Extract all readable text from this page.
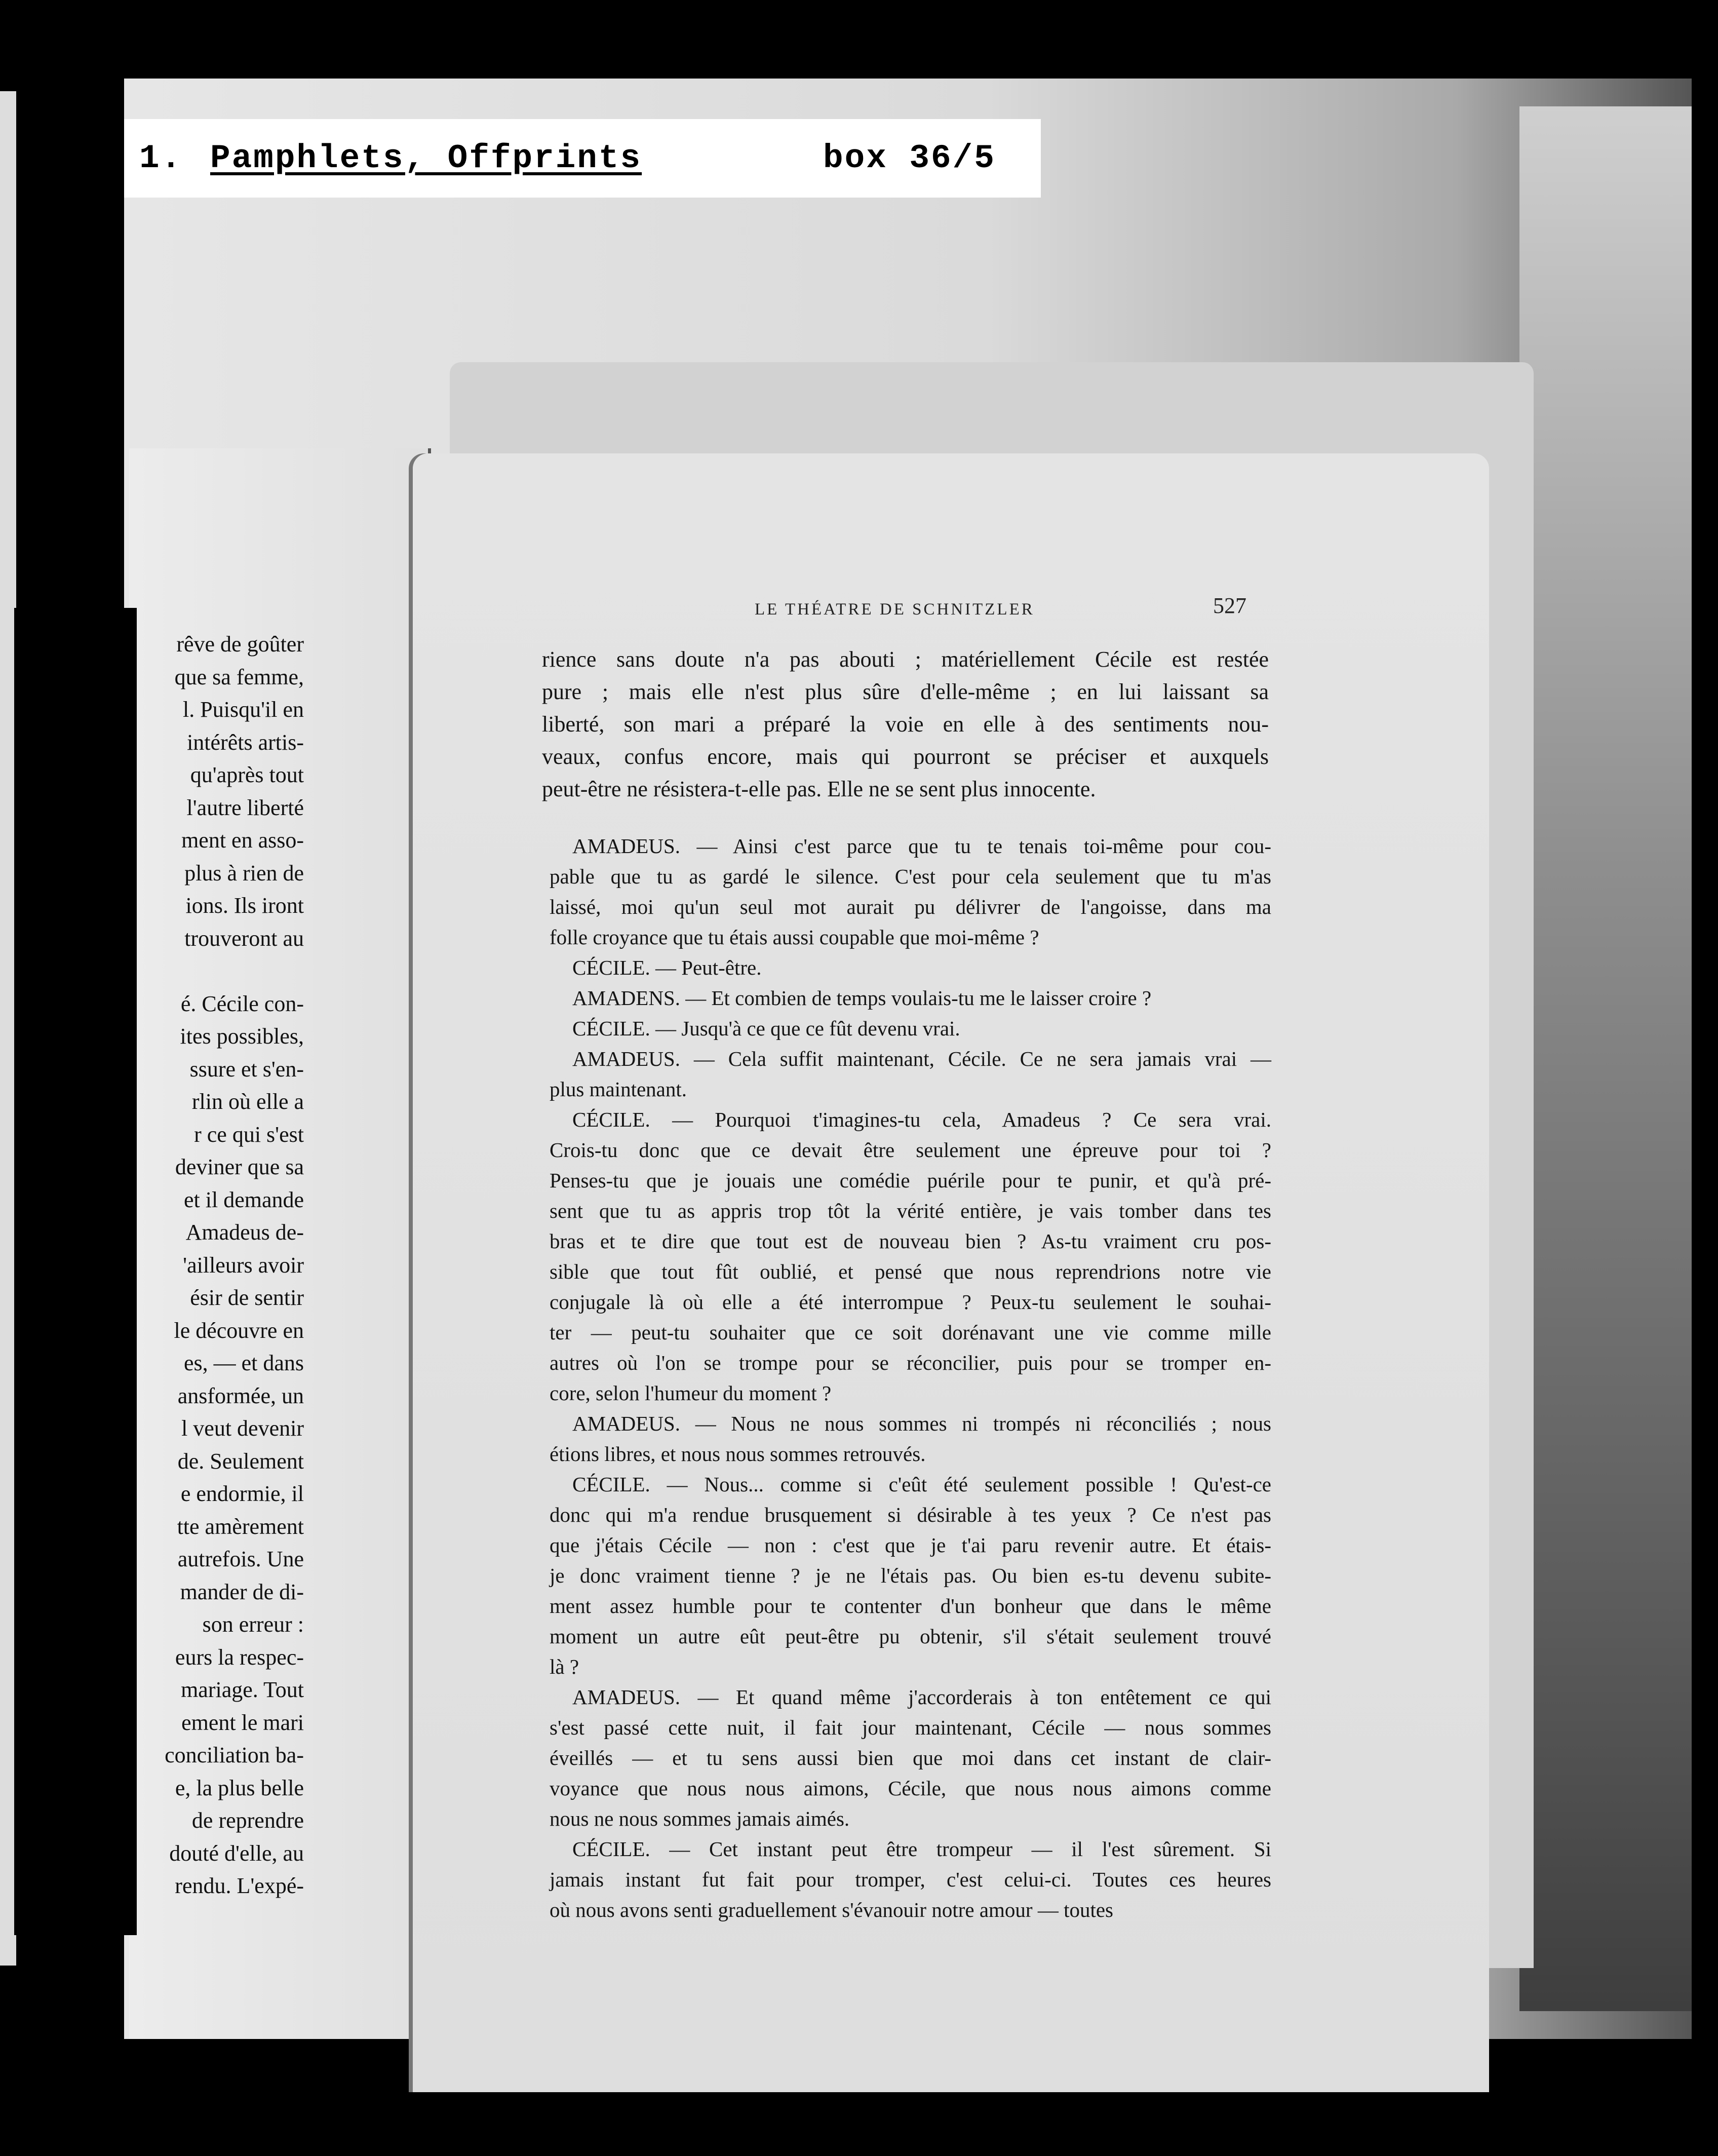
1. Pamphlets, Offprints	box 36/5
rêve de goûter
que sa femme,
l. Puisqu'il en
intérêts artis-
qu'après tout
l'autre liberté
ment en asso-
plus à rien de
ions. Ils iront
trouveront au

é. Cécile con-
ites possibles,
ssure et s'en-
rlin où elle a
r ce qui s'est
deviner que sa
et il demande
Amadeus de-
'ailleurs avoir
ésir de sentir
le découvre en
es, — et dans
ansformée, un
l veut devenir
de. Seulement
e endormie, il
tte amèrement
autrefois. Une
mander de di-
son erreur :
eurs la respec-
mariage. Tout
ement le mari
conciliation ba-
e, la plus belle
de reprendre
douté d'elle, au
rendu. L'expé-
LE THÉATRE DE SCHNITZLER	527
rience sans doute n'a pas abouti ; matériellement Cécile est restée
pure ; mais elle n'est plus sûre d'elle-même ; en lui laissant sa
liberté, son mari a préparé la voie en elle à des sentiments nou-
veaux, confus encore, mais qui pourront se préciser et auxquels
peut-être ne résistera-t-elle pas. Elle ne se sent plus innocente.
AMADEUS. — Ainsi c'est parce que tu te tenais toi-même pour cou-
pable que tu as gardé le silence. C'est pour cela seulement que tu m'as
laissé, moi qu'un seul mot aurait pu délivrer de l'angoisse, dans ma
folle croyance que tu étais aussi coupable que moi-même ?
CÉCILE. — Peut-être.
AMADENS. — Et combien de temps voulais-tu me le laisser croire ?
CÉCILE. — Jusqu'à ce que ce fût devenu vrai.
AMADEUS. — Cela suffit maintenant, Cécile. Ce ne sera jamais vrai —
plus maintenant.
CÉCILE. — Pourquoi t'imagines-tu cela, Amadeus ? Ce sera vrai.
Crois-tu donc que ce devait être seulement une épreuve pour toi ?
Penses-tu que je jouais une comédie puérile pour te punir, et qu'à pré-
sent que tu as appris trop tôt la vérité entière, je vais tomber dans tes
bras et te dire que tout est de nouveau bien ? As-tu vraiment cru pos-
sible que tout fût oublié, et pensé que nous reprendrions notre vie
conjugale là où elle a été interrompue ? Peux-tu seulement le souhai-
ter — peut-tu souhaiter que ce soit dorénavant une vie comme mille
autres où l'on se trompe pour se réconcilier, puis pour se tromper en-
core, selon l'humeur du moment ?
AMADEUS. — Nous ne nous sommes ni trompés ni réconciliés ; nous
étions libres, et nous nous sommes retrouvés.
CÉCILE. — Nous... comme si c'eût été seulement possible ! Qu'est-ce
donc qui m'a rendue brusquement si désirable à tes yeux ? Ce n'est pas
que j'étais Cécile — non : c'est que je t'ai paru revenir autre. Et étais-
je donc vraiment tienne ? je ne l'étais pas. Ou bien es-tu devenu subite-
ment assez humble pour te contenter d'un bonheur que dans le même
moment un autre eût peut-être pu obtenir, s'il s'était seulement trouvé
là ?
AMADEUS. — Et quand même j'accorderais à ton entêtement ce qui
s'est passé cette nuit, il fait jour maintenant, Cécile — nous sommes
éveillés — et tu sens aussi bien que moi dans cet instant de clair-
voyance que nous nous aimons, Cécile, que nous nous aimons comme
nous ne nous sommes jamais aimés.
CÉCILE. — Cet instant peut être trompeur — il l'est sûrement. Si
jamais instant fut fait pour tromper, c'est celui-ci. Toutes ces heures
où nous avons senti graduellement s'évanouir notre amour — toutes
